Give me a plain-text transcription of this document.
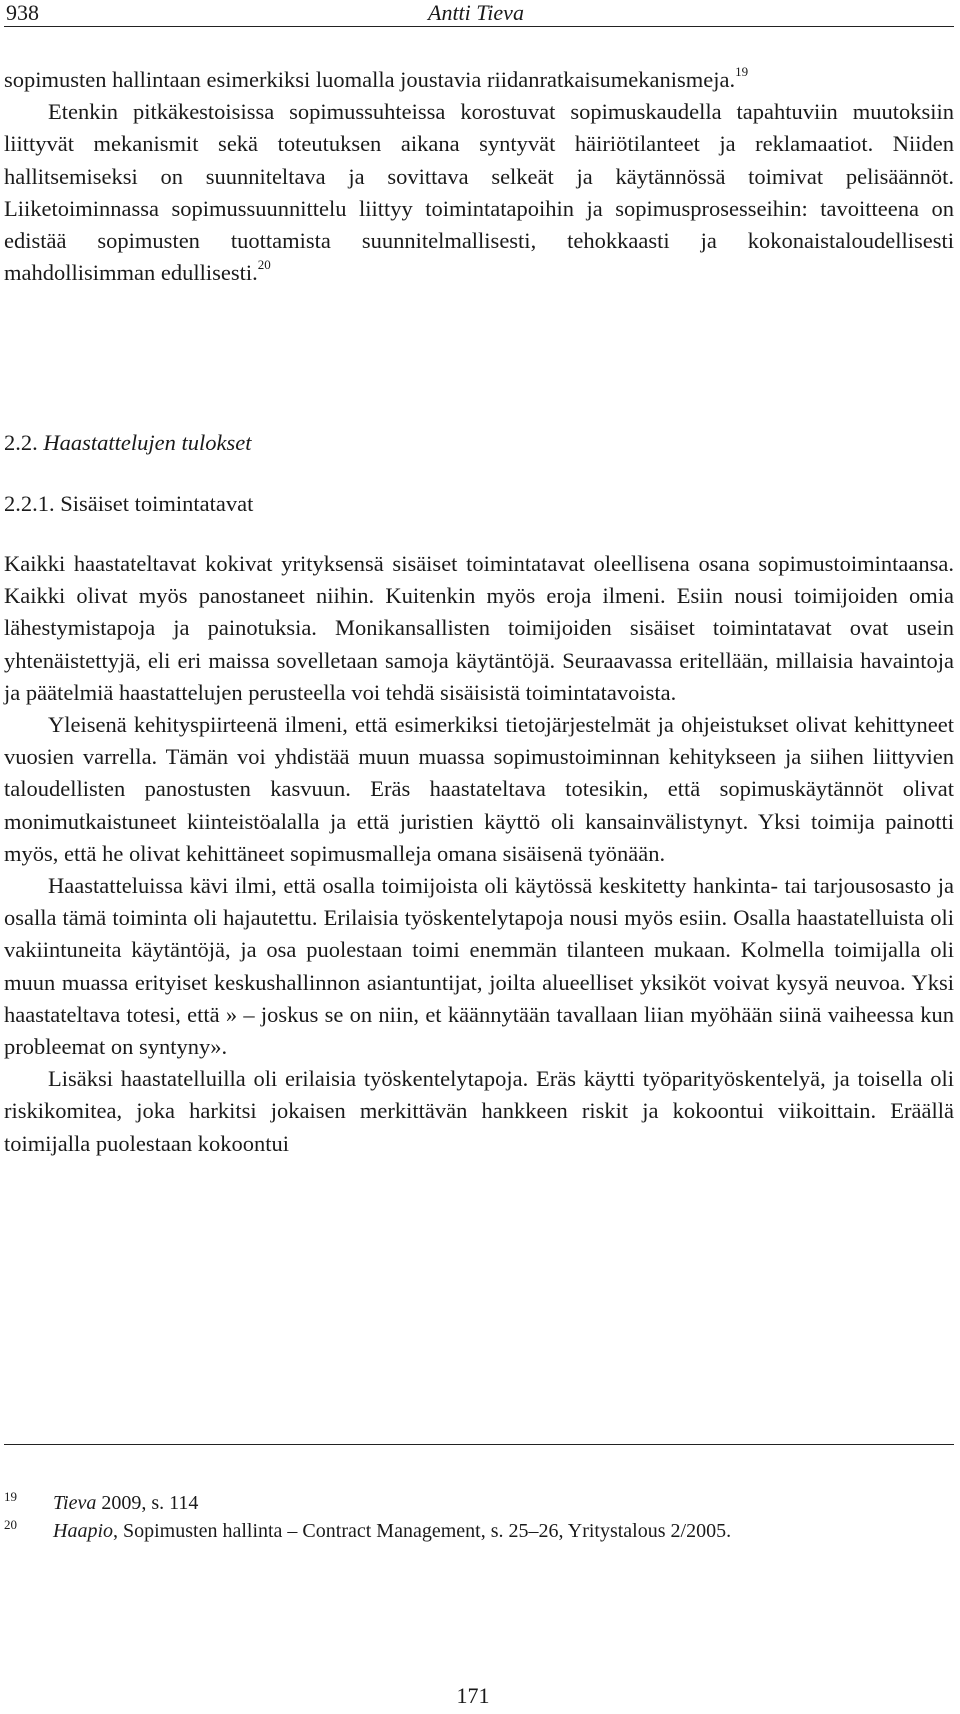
938	Antti Tieva

sopimusten hallintaan esimerkiksi luomalla joustavia riidanratkaisumekanismeja.$^{19}$

Etenkin pitkäkestoisissa sopimussuhteissa korostuvat sopimuskaudella tapahtuviin muutoksiin liittyvät mekanismit sekä toteutuksen aikana syntyvät häiriötilanteet ja reklamaatiot. Niiden hallitsemiseksi on suunniteltava ja sovittava selkeät ja käytännössä toimivat pelisäännöt. Liiketoiminnassa sopimussuunnittelu liittyy toimintatapoihin ja sopimusprosesseihin: tavoitteena on edistää sopimusten tuottamista suunnitelmallisesti, tehokkaasti ja kokonaistaloudellisesti mahdollisimman edullisesti.$^{20}$

2.2. Haastattelujen tulokset
2.2.1. Sisäiset toimintatavat

Kaikki haastateltavat kokivat yrityksensä sisäiset toimintatavat oleellisena osana sopimustoimintaansa. Kaikki olivat myös panostaneet niihin. Kuitenkin myös eroja ilmeni. Esiin nousi toimijoiden omia lähestymistapoja ja painotuksia. Monikansallisten toimijoiden sisäiset toimintatavat ovat usein yhtenäistettyjä, eli eri maissa sovelletaan samoja käytäntöjä. Seuraavassa eritellään, millaisia havaintoja ja päätelmiä haastattelujen perusteella voi tehdä sisäisistä toimintatavoista.

Yleisenä kehityspiirteenä ilmeni, että esimerkiksi tietojärjestelmät ja ohjeistukset olivat kehittyneet vuosien varrella. Tämän voi yhdistää muun muassa sopimustoiminnan kehitykseen ja siihen liittyvien taloudellisten panostusten kasvuun. Eräs haastateltava totesikin, että sopimuskäytännöt olivat monimutkaistuneet kiinteistöalalla ja että juristien käyttö oli kansainvälistynyt. Yksi toimija painotti myös, että he olivat kehittäneet sopimusmalleja omana sisäisenä työnään.

Haastatteluissa kävi ilmi, että osalla toimijoista oli käytössä keskitetty hankinta- tai tarjousosasto ja osalla tämä toiminta oli hajautettu. Erilaisia työskentelytapoja nousi myös esiin. Osalla haastatelluista oli vakiintuneita käytäntöjä, ja osa puolestaan toimi enemmän tilanteen mukaan. Kolmella toimijalla oli muun muassa erityiset keskushallinnon asiantuntijat, joilta alueelliset yksiköt voivat kysyä neuvoa. Yksi haastateltava totesi, että » – joskus se on niin, et käännytään tavallaan liian myöhään siinä vaiheessa kun probleemat on syntyny».

Lisäksi haastatelluilla oli erilaisia työskentelytapoja. Eräs käytti työparityöskentelyä, ja toisella oli riskikomitea, joka harkitsi jokaisen merkittävän hankkeen riskit ja kokoontui viikoittain. Eräällä toimijalla puolestaan kokoontui

19 Tieva 2009, s. 114
20 Haapio, Sopimusten hallinta – Contract Management, s. 25–26, Yritystalous 2/2005.
171
